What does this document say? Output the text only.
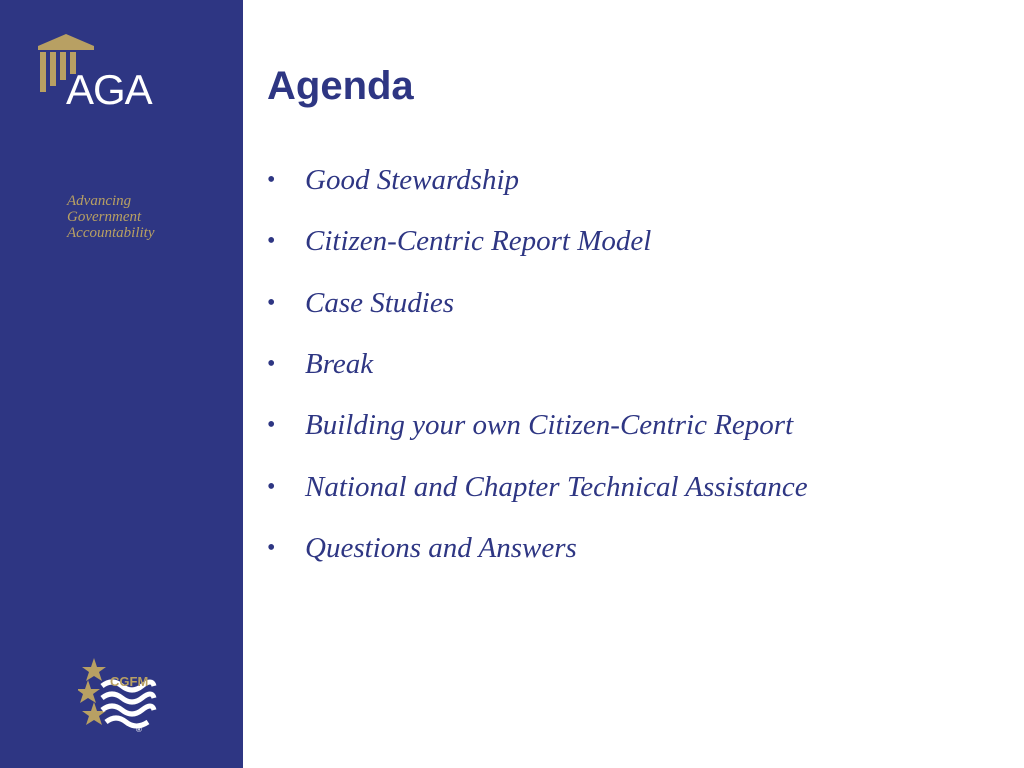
AGA
Advancing
Government
Accountability
CGFM
®
Agenda
•	Good Stewardship
•	Citizen-Centric Report Model
•	Case Studies
•	Break
•	Building your own Citizen-Centric Report
•	National and Chapter Technical Assistance
•	Questions and Answers
